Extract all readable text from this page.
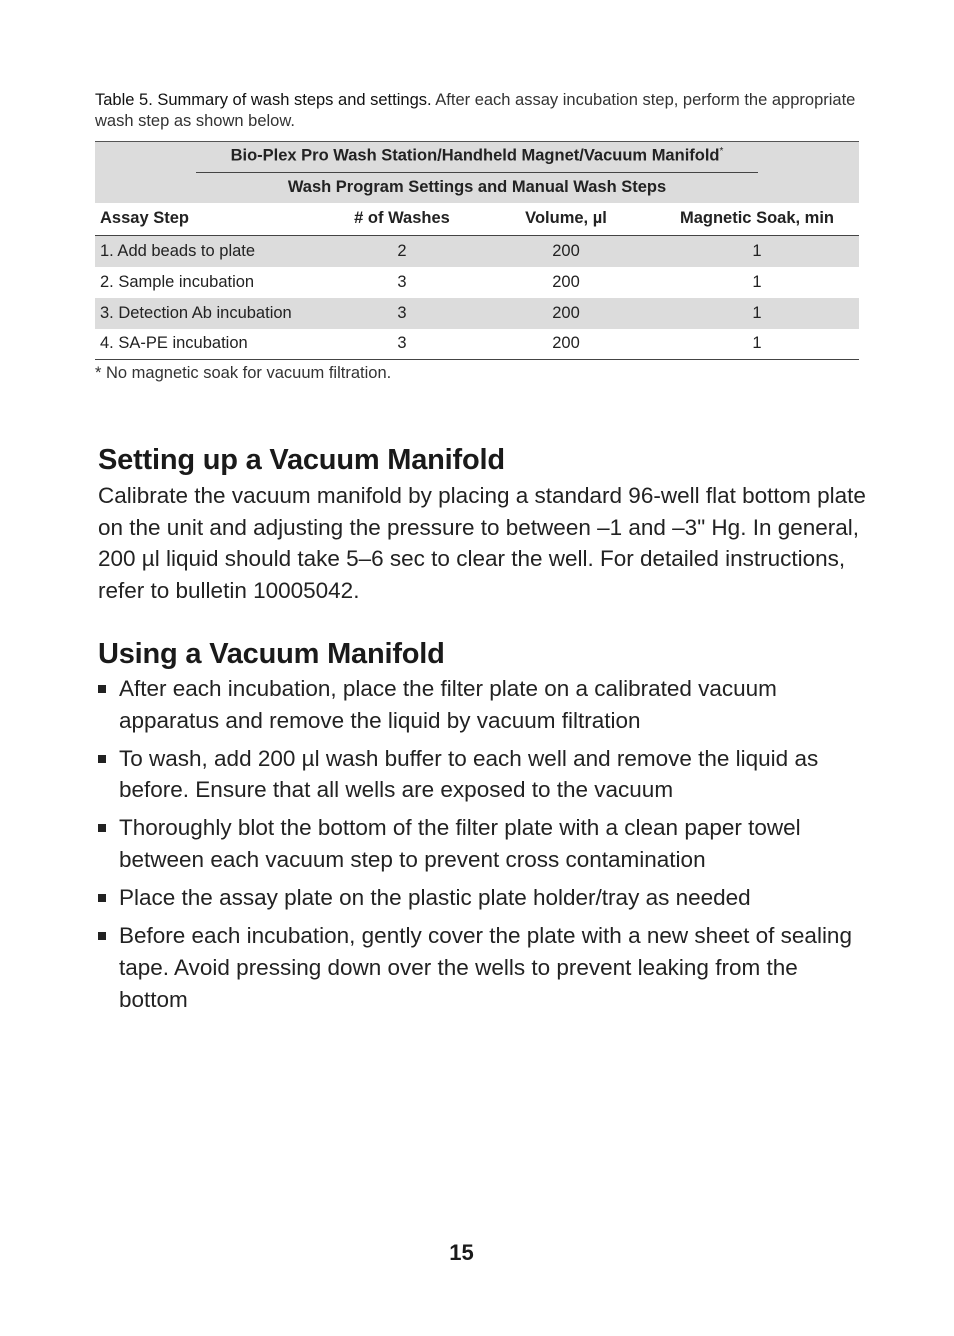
Table 5. Summary of wash steps and settings. After each assay incubation step, perform the appropriate wash step as shown below.
Bio-Plex Pro Wash Station/Handheld Magnet/Vacuum Manifold*

Wash Program Settings and Manual Wash Steps			
Assay Step	# of Washes	Volume, µl	Magnetic Soak, min
1. Add beads to plate	2	200	1
2. Sample incubation	3	200	1
3. Detection Ab incubation	3	200	1
4. SA-PE incubation	3	200	1
* No magnetic soak for vacuum filtration.
Setting up a Vacuum Manifold
Calibrate the vacuum manifold by placing a standard 96-well flat bottom plate on the unit and adjusting the pressure to between –1 and –3" Hg. In general, 200 µl liquid should take 5–6 sec to clear the well. For detailed instructions, refer to bulletin 10005042.
Using a Vacuum Manifold
After each incubation, place the filter plate on a calibrated vacuum apparatus and remove the liquid by vacuum filtration
To wash, add 200 µl wash buffer to each well and remove the liquid as before. Ensure that all wells are exposed to the vacuum
Thoroughly blot the bottom of the filter plate with a clean paper towel between each vacuum step to prevent cross contamination
Place the assay plate on the plastic plate holder/tray as needed
Before each incubation, gently cover the plate with a new sheet of sealing tape. Avoid pressing down over the wells to prevent leaking from the bottom
15
